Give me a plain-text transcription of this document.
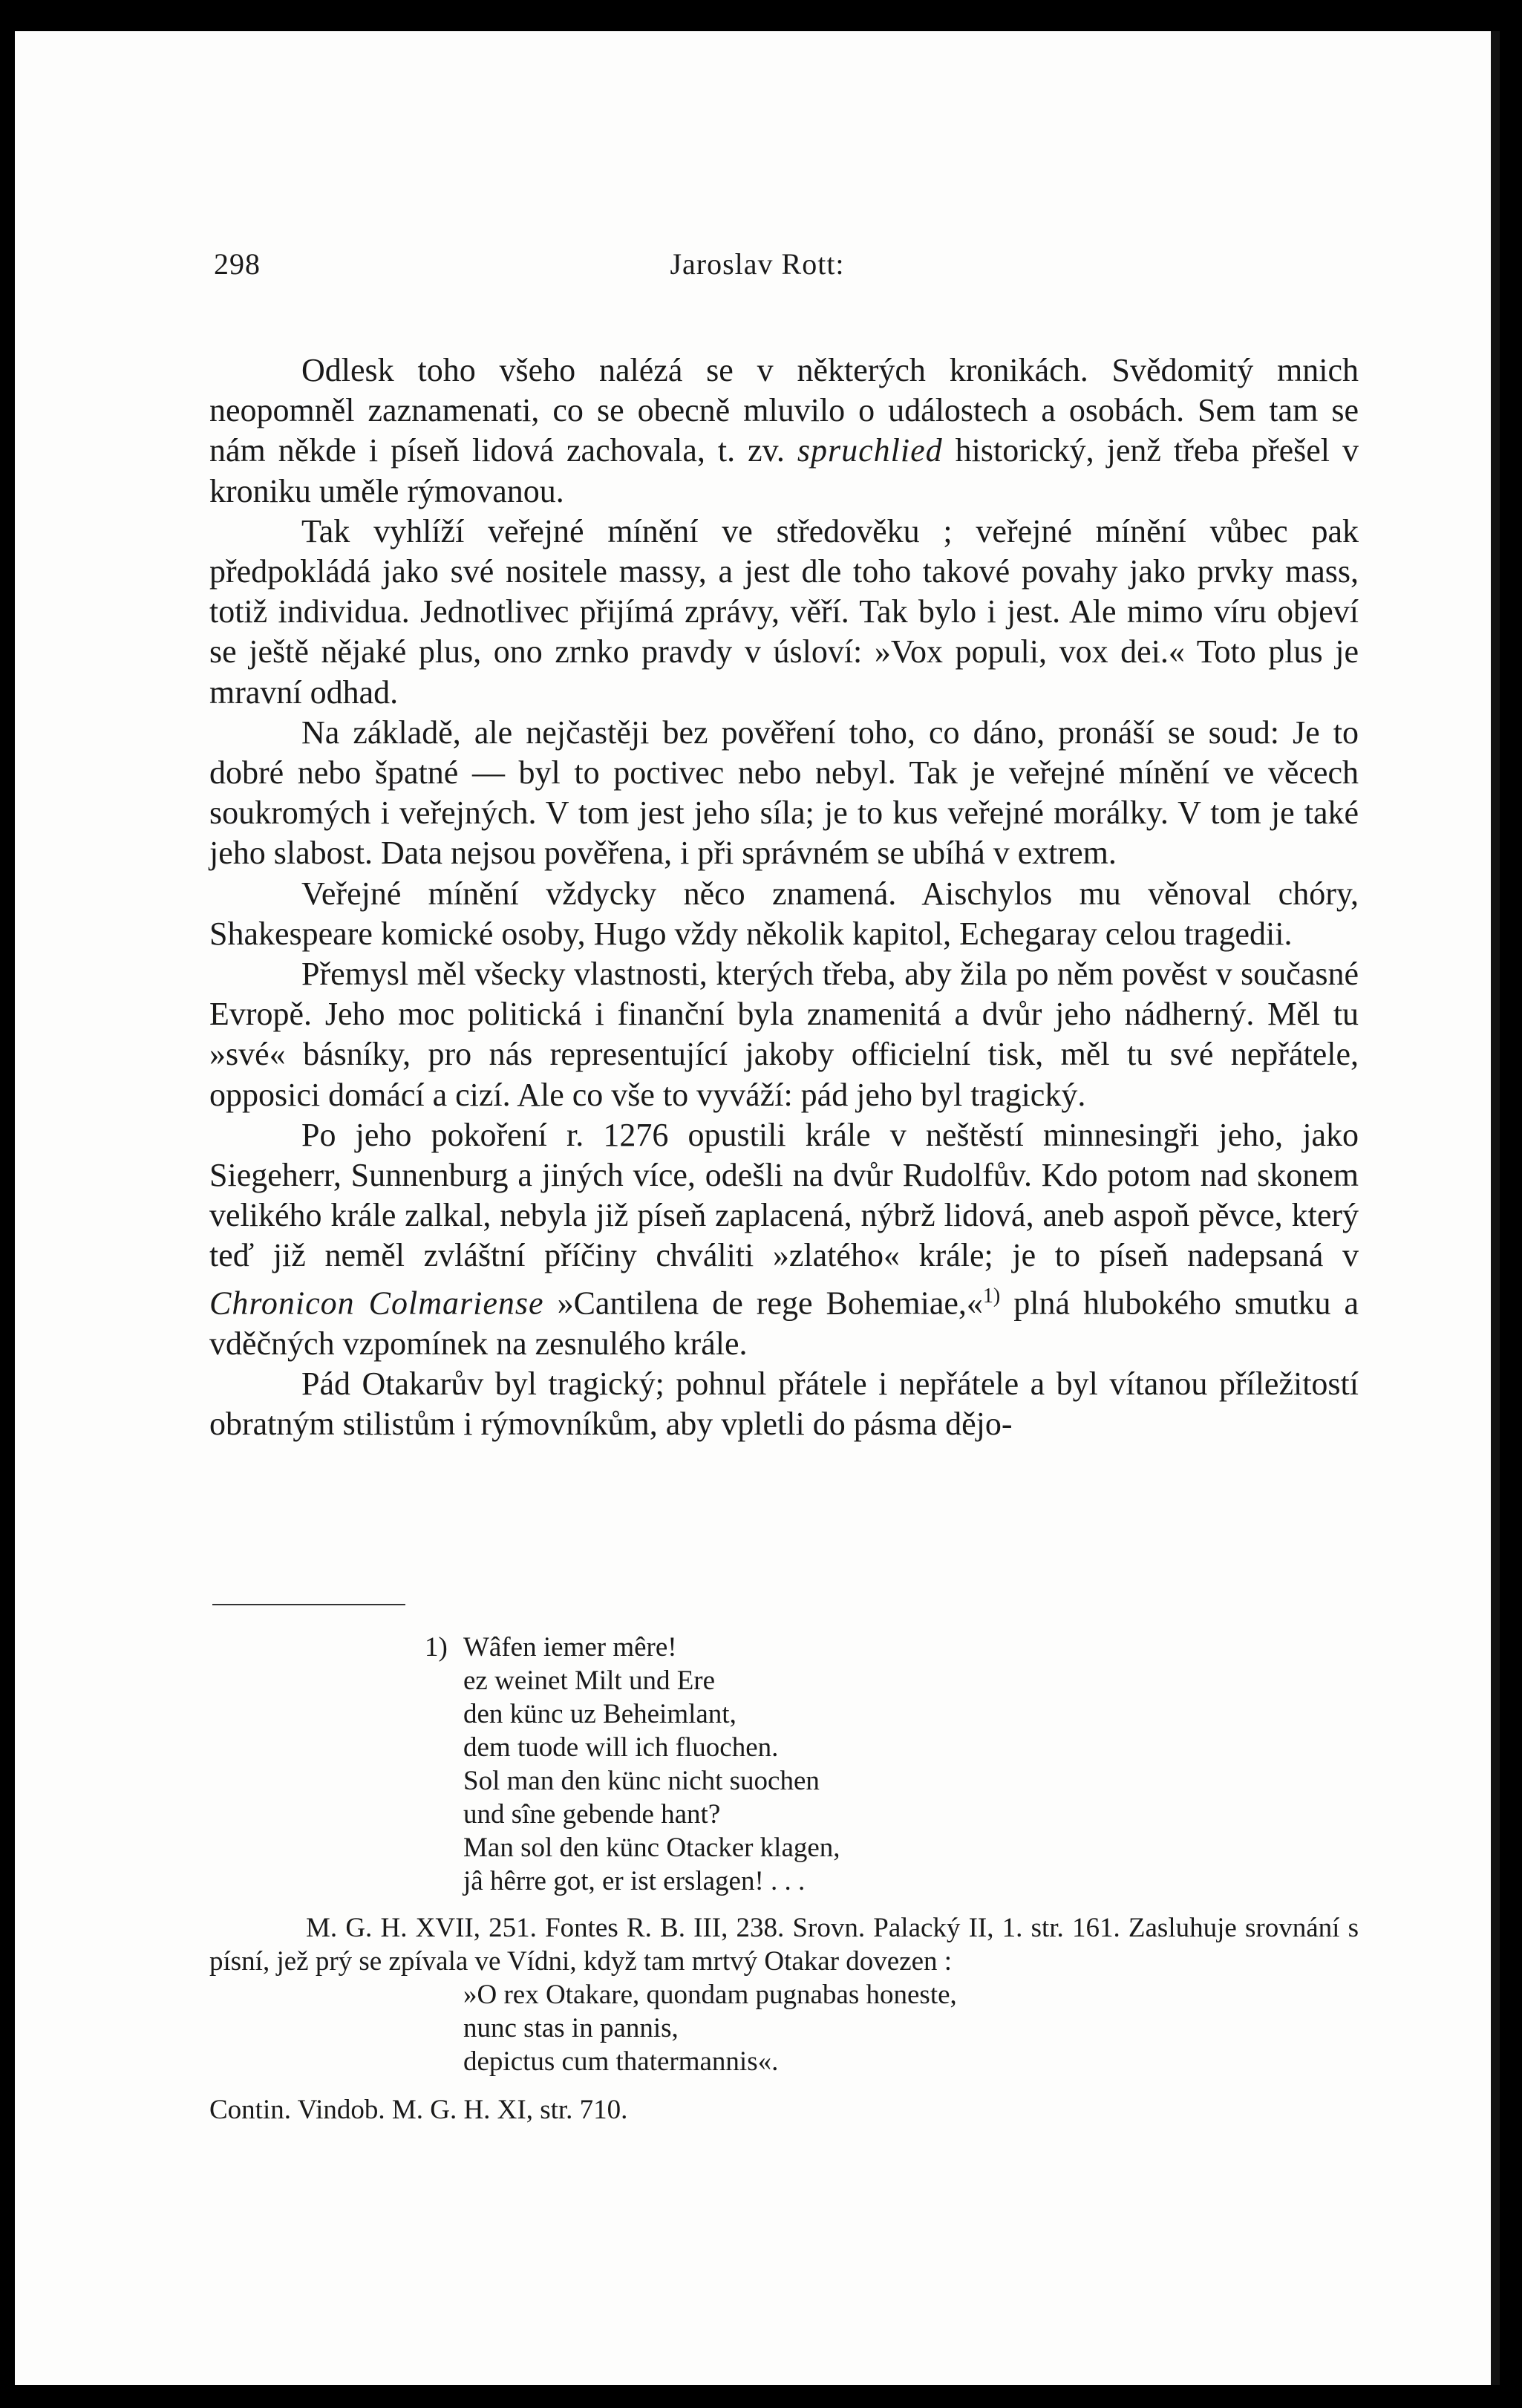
298	Jaroslav Rott:

Odlesk toho všeho nalézá se v některých kronikách. Svědomitý mnich neopomněl zaznamenati, co se obecně mluvilo o událostech a osobách. Sem tam se nám někde i píseň lidová zachovala, t. zv. spruchlied historický, jenž třeba přešel v kroniku uměle rýmovanou.

Tak vyhlíží veřejné mínění ve středověku ; veřejné mínění vůbec pak předpokládá jako své nositele massy, a jest dle toho takové povahy jako prvky mass, totiž individua. Jednotlivec přijímá zprávy, věří. Tak bylo i jest. Ale mimo víru objeví se ještě nějaké plus, ono zrnko pravdy v úsloví: »Vox populi, vox dei.« Toto plus je mravní odhad.

Na základě, ale nejčastěji bez pověření toho, co dáno, pronáší se soud: Je to dobré nebo špatné — byl to poctivec nebo nebyl. Tak je veřejné mínění ve věcech soukromých i veřejných. V tom jest jeho síla; je to kus veřejné morálky. V tom je také jeho slabost. Data nejsou pověřena, i při správném se ubíhá v extrem.

Veřejné mínění vždycky něco znamená. Aischylos mu věnoval chóry, Shakespeare komické osoby, Hugo vždy několik kapitol, Echegaray celou tragedii.

Přemysl měl všecky vlastnosti, kterých třeba, aby žila po něm pověst v současné Evropě. Jeho moc politická i finanční byla znamenitá a dvůr jeho nádherný. Měl tu »své« básníky, pro nás representující jakoby officielní tisk, měl tu své nepřátele, opposici domácí a cizí. Ale co vše to vyváží: pád jeho byl tragický.

Po jeho pokoření r. 1276 opustili krále v neštěstí minnesingři jeho, jako Siegeherr, Sunnenburg a jiných více, odešli na dvůr Rudolfův. Kdo potom nad skonem velikého krále zalkal, nebyla již píseň zaplacená, nýbrž lidová, aneb aspoň pěvce, který teď již neměl zvláštní příčiny chváliti »zlatého« krále; je to píseň nadepsaná v Chronicon Colmariense »Cantilena de rege Bohemiae,«$^{1)}$ plná hlubokého smutku a vděčných vzpomínek na zesnulého krále.

Pád Otakarův byl tragický; pohnul přátele i nepřátele a byl vítanou příležitostí obratným stilistům i rýmovníkům, aby vpletli do pásma dějo-

1) Wâfen iemer mêre!
ez weinet Milt und Ere
den künc uz Beheimlant,
dem tuode will ich fluochen.
Sol man den künc nicht suochen
und sîne gebende hant?
Man sol den künc Otacker klagen,
jâ hêrre got, er ist erslagen! . . .
M. G. H. XVII, 251. Fontes R. B. III, 238. Srovn. Palacký II, 1. str. 161. Zasluhuje srovnání s písní, jež prý se zpívala ve Vídni, když tam mrtvý Otakar dovezen :
»O rex Otakare, quondam pugnabas honeste,
nunc stas in pannis,
depictus cum thatermannis«.
Contin. Vindob. M. G. H. XI, str. 710.
